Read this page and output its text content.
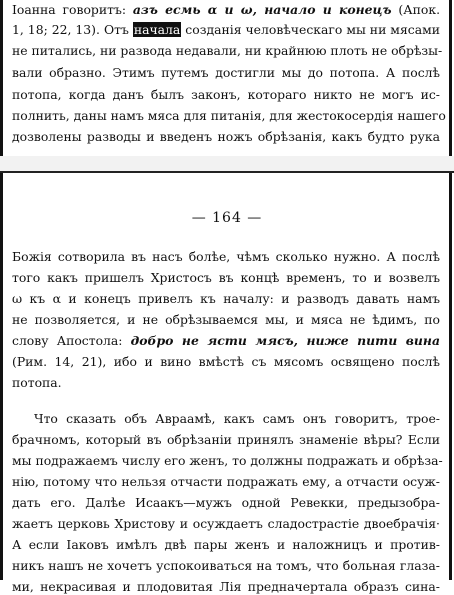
Іоанна говоритъ: азъ есмь α и ω, начало и конецъ (Апок.
1, 18; 22, 13). Отъ начала созданія человѣческаго мы ни мясами
не питались, ни развода недавали, ни крайнюю плоть не обрѣзы-
вали образно. Этимъ путемъ достигли мы до потопа. А послѣ
потопа, когда данъ былъ законъ, котораго никто не могъ ис-
полнить, даны намъ мяса для питанія, для жестокосердія нашего
дозволены разводы и введенъ ножъ обрѣзанія, какъ будто рука
— 164 —
Божія сотворила въ насъ болѣе, чѣмъ сколько нужно. А послѣ
того какъ пришелъ Христосъ въ концѣ временъ, то и возвелъ
ω къ α и конецъ привелъ къ началу: и разводъ давать намъ
не позволяется, и не обрѣзываемся мы, и мяса не ѣдимъ, по
слову Апостола: добро не ясти мясъ, ниже пити вина
(Рим. 14, 21), ибо и вино вмѣстѣ съ мясомъ освящено послѣ
потопа.
Что сказать объ Авраамѣ, какъ самъ онъ говоритъ, троe-
брачномъ, который въ обрѣзаніи принялъ знаменіе вѣры? Если
мы подражаемъ числу его женъ, то должны подражать и обрѣза-
нію, потому что нельзя отчасти подражать ему, а отчасти осуж-
дать его. Далѣе Исаакъ—мужъ одной Ревекки, предызобра-
жаетъ церковь Христову и осуждаетъ сладострастіе двоебрачія·
А если Іаковъ имѣлъ двѣ пары женъ и наложницъ и против-
никъ нашъ не хочетъ успокоиваться на томъ, что больная глаза-
ми, некрасивая и плодовитая Лія предначертала образъ сина-
